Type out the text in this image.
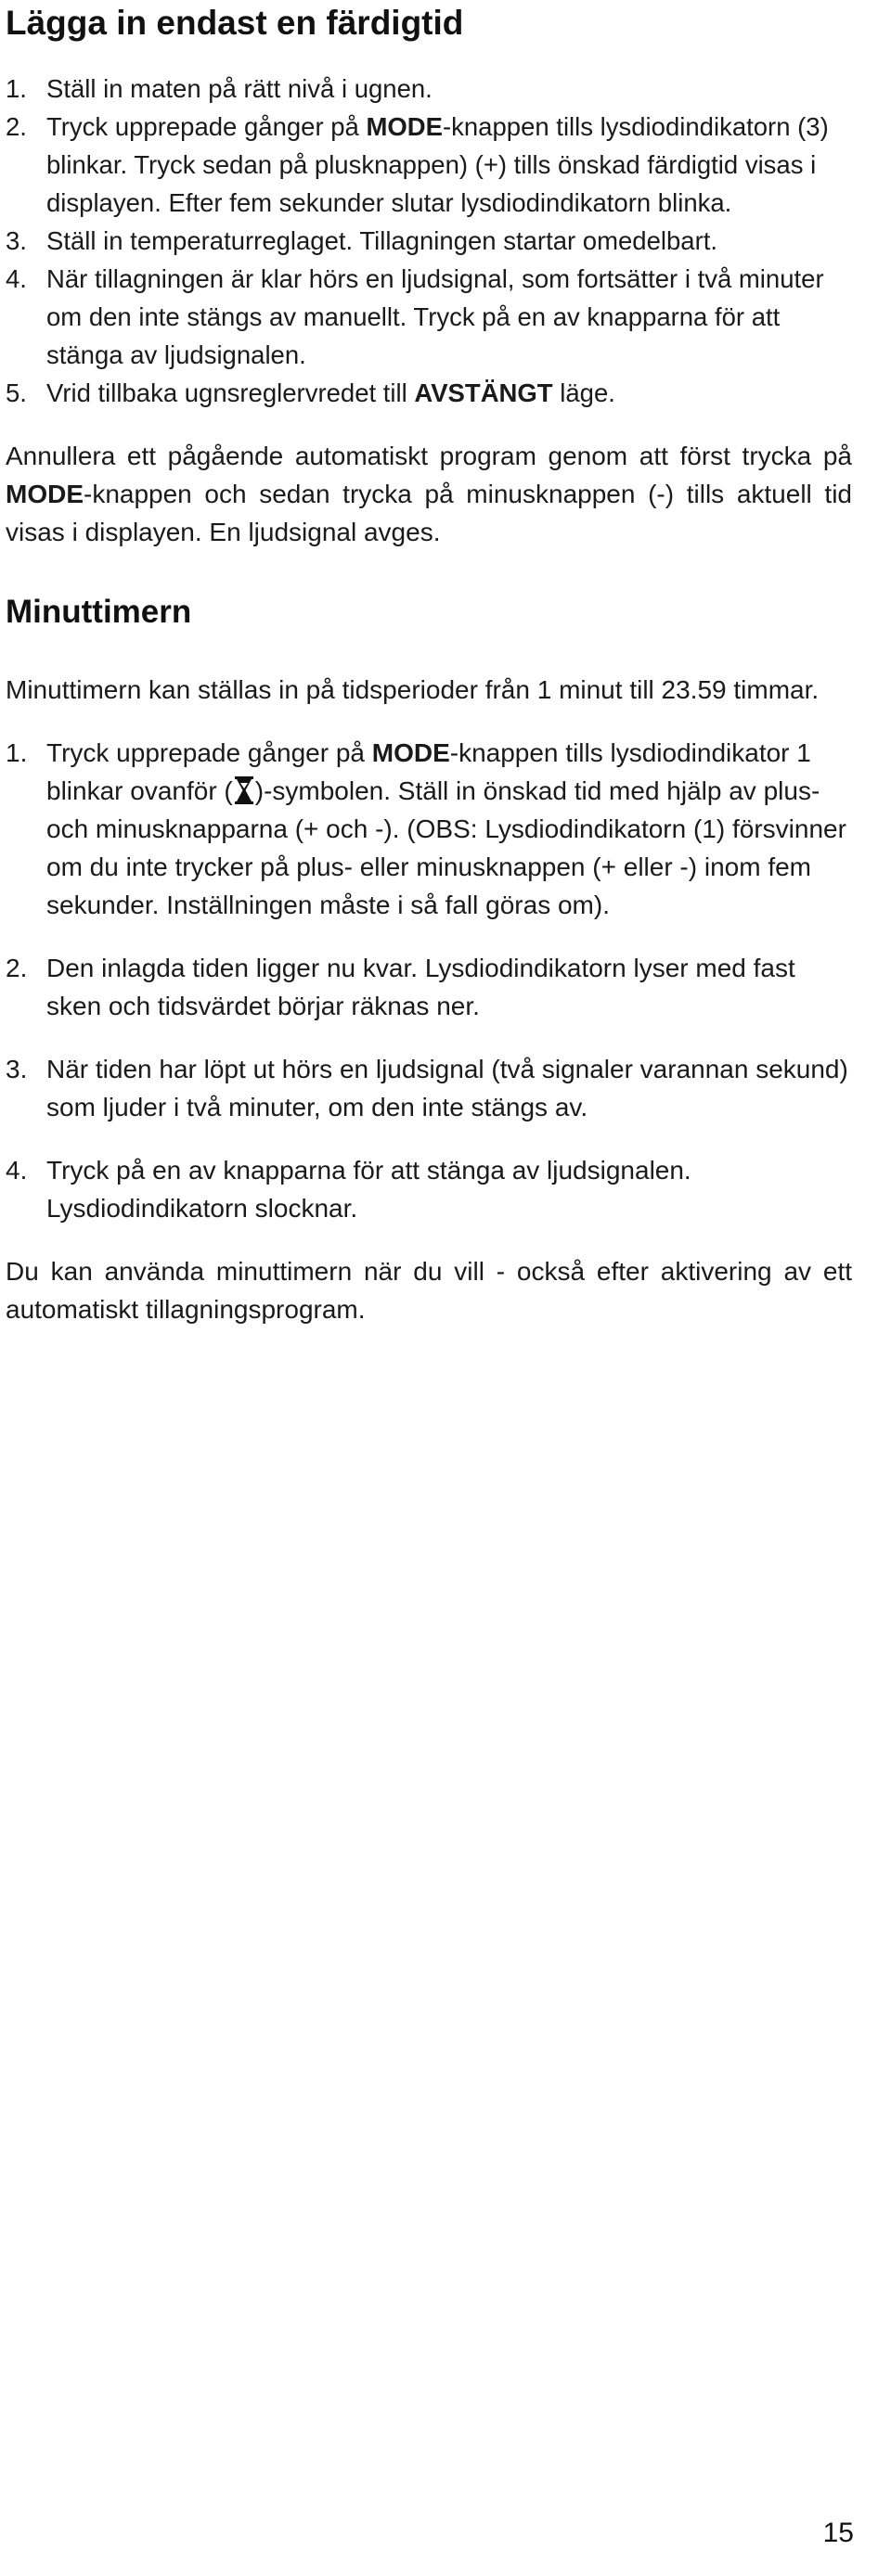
Lägga in endast en färdigtid
1. Ställ in maten på rätt nivå i ugnen.
2. Tryck upprepade gånger på MODE-knappen tills lysdiodindikatorn (3) blinkar. Tryck sedan på plusknappen) (+) tills önskad färdigtid visas i displayen. Efter fem sekunder slutar lysdiodindikatorn blinka.
3. Ställ in temperaturreglaget. Tillagningen startar omedelbart.
4. När tillagningen är klar hörs en ljudsignal, som fortsätter i två minuter om den inte stängs av manuellt. Tryck på en av knapparna för att stänga av ljudsignalen.
5. Vrid tillbaka ugnsreglervredet till AVSTÄNGT läge.

Annullera ett pågående automatiskt program genom att först trycka på MODE-knappen och sedan trycka på minusknappen (-) tills aktuell tid visas i displayen. En ljudsignal avges.

Minuttimern

Minuttimern kan ställas in på tidsperioder från 1 minut till 23.59 timmar.

1. Tryck upprepade gånger på MODE-knappen tills lysdiodindikator 1 blinkar ovanför ( )-symbolen. Ställ in önskad tid med hjälp av plus- och minusknapparna (+ och -). (OBS: Lysdiodindikatorn (1) försvinner om du inte trycker på plus- eller minusknappen (+ eller -) inom fem sekunder. Inställningen måste i så fall göras om).
2. Den inlagda tiden ligger nu kvar. Lysdiodindikatorn lyser med fast sken och tidsvärdet börjar räknas ner.
3. När tiden har löpt ut hörs en ljudsignal (två signaler varannan sekund) som ljuder i två minuter, om den inte stängs av.
4. Tryck på en av knapparna för att stänga av ljudsignalen. Lysdiodindikatorn slocknar.

Du kan använda minuttimern när du vill - också efter aktivering av ett automatiskt tillagningsprogram.

15
